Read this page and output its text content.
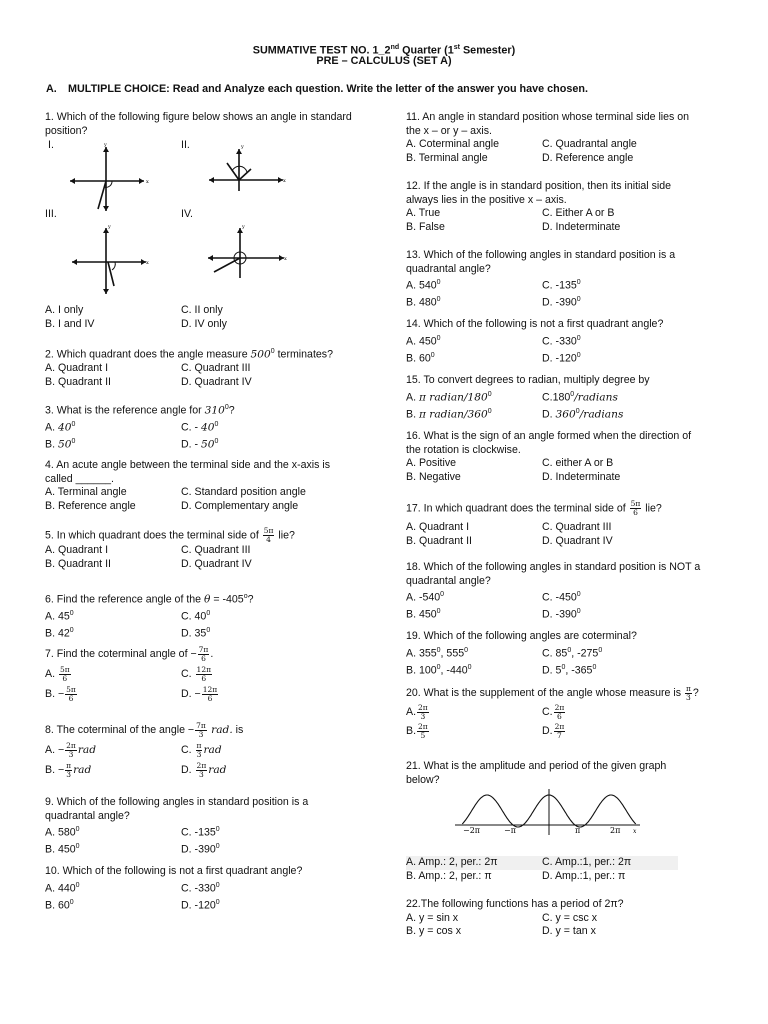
SUMMATIVE TEST NO. 1_2nd Quarter (1st Semester)
PRE – CALCULUS (SET A)
A. MULTIPLE CHOICE: Read and Analyze each question. Write the letter of the answer you have chosen.
1. Which of the following figure below shows an angle in standard position?
I.	II.
III.	IV.
y
x
y
x
y
x
y
x
A. I only	C. II only
B. I and IV	D. IV only
2. Which quadrant does the angle measure $500^0$ terminates?
A. Quadrant I	C. Quadrant III
B. Quadrant II	D. Quadrant IV
3. What is the reference angle for $310^0$?
A. $40^0$	C. - $40^0$
B. $50^0$	D. - $50^0$
4. An acute angle between the terminal side and the x-axis is
called ______.
A. Terminal angle	C. Standard position angle
B. Reference angle	D. Complementary angle
5. In which quadrant does the terminal side of $\frac{5\pi}{4}$ lie?
A. Quadrant I	C. Quadrant III
B. Quadrant II	D. Quadrant IV
6. Find the reference angle of the $\theta = -405^o$?
A. $45^0$	C. $40^0$
B. $42^0$	D. $35^0$
7. Find the coterminal angle of − $\frac{7\pi}{6}$ .
A. $\frac{5\pi}{6}$	C. $\frac{12\pi}{6}$
B. − $\frac{5\pi}{6}$	D. − $\frac{12\pi}{6}$
8. The coterminal of the angle − $\frac{7\pi}{3}$ rad. is
A. − $\frac{2\pi}{3}$ rad	C. $\frac{\pi}{3}$ rad
B. − $\frac{\pi}{3}$ rad	D. $\frac{2\pi}{3}$ rad
9. Which of the following angles in standard position is a
quadrantal angle?
A. $580^0$	C. $-135^0$
B. $450^0$	D. $-390^0$
10. Which of the following is not a first quadrant angle?
A. $440^0$	C. $-330^0$
B. $60^0$	D. $-120^0$
11. An angle in standard position whose terminal side lies on
the x – or y – axis.
A. Coterminal angle	C. Quadrantal angle
B. Terminal angle	D. Reference angle
12. If the angle is in standard position, then its initial side
always lies in the positive x – axis.
A. True	C. Either A or B
B. False	D. Indeterminate
13. Which of the following angles in standard position is a
quadrantal angle?
A. $540^0$	C. $-135^0$
B. $480^0$	D. $-390^0$
14. Which of the following is not a first quadrant angle?
A. $450^0$	C. $-330^0$
B. $60^0$	D. $-120^0$
15. To convert degrees to radian, multiply degree by
A. π radian/$180^0$	C.180$^0$/radians
B. π radian/$360^0$	D. $360^0$/radians
16. What is the sign of an angle formed when the direction of
the rotation is clockwise.
A. Positive	C. either A or B
B. Negative	D. Indeterminate
17. In which quadrant does the terminal side of $\frac{5\pi}{6}$ lie?
A. Quadrant I	C. Quadrant III
B. Quadrant II	D. Quadrant IV
18. Which of the following angles in standard position is NOT a
quadrantal angle?
A. $-540^0$	C. $-450^0$
B. $450^0$	D. $-390^0$
19. Which of the following angles are coterminal?
A. $355^0$, $555^0$	C. $85^0$, $-275^0$
B. $100^0$, $-440^0$	D. $5^0$, $-365^0$
20. What is the supplement of the angle whose measure is $\frac{\pi}{3}$ ?
A. $\frac{2\pi}{3}$	C. $\frac{2\pi}{6}$
B. $\frac{2\pi}{5}$	D. $\frac{2\pi}{7}$
21. What is the amplitude and period of the given graph
below?
−2π	−π	π	2π x
A. Amp.: 2, per.: 2π	C. Amp.:1, per.: 2π
B. Amp.: 2, per.: π	D. Amp.:1, per.: π
22.The following functions has a period of 2π?
A. y = sin x	C. y = csc x
B. y = cos x	D. y = tan x
